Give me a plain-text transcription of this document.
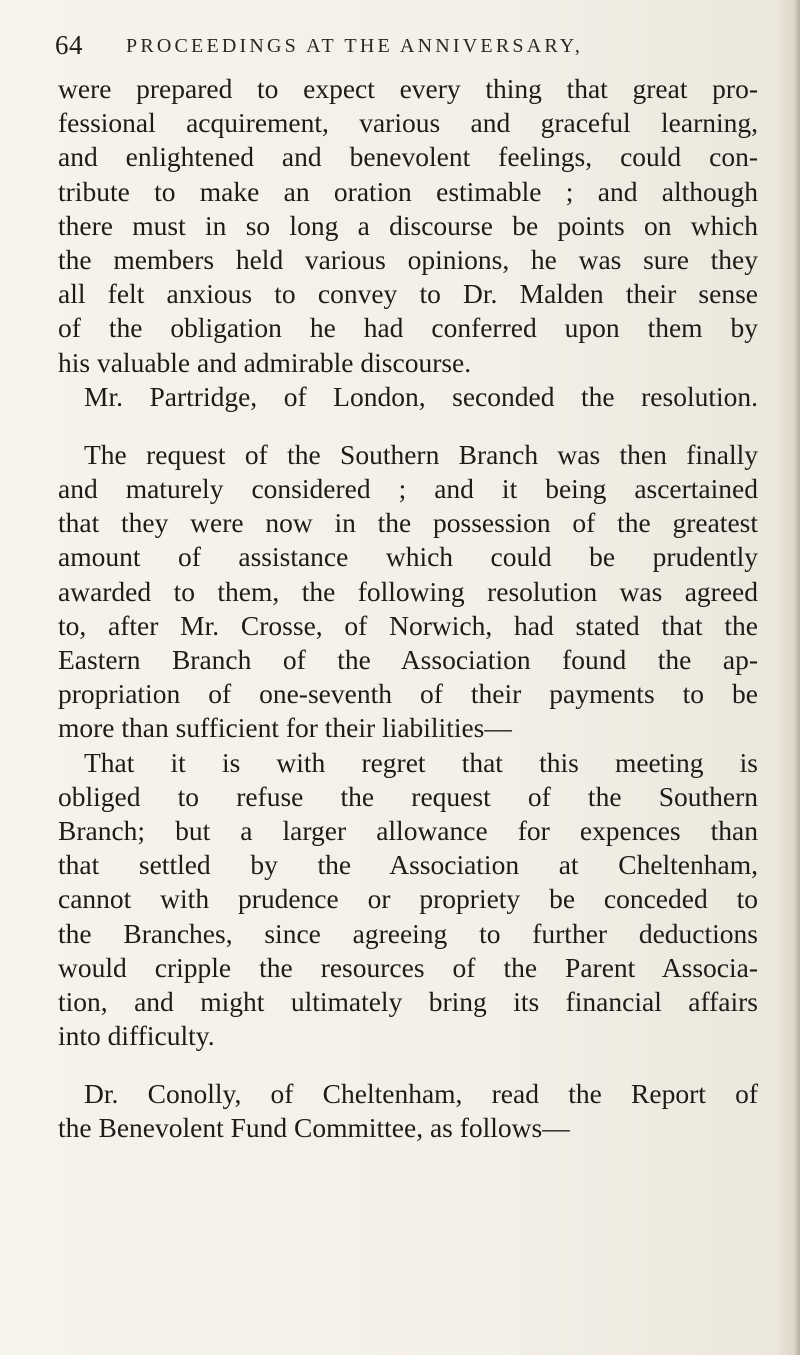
64 PROCEEDINGS AT THE ANNIVERSARY,
were prepared to expect every thing that great pro-
fessional acquirement, various and graceful learning,
and enlightened and benevolent feelings, could con-
tribute to make an oration estimable ; and although
there must in so long a discourse be points on which
the members held various opinions, he was sure they
all felt anxious to convey to Dr. Malden their sense
of the obligation he had conferred upon them by
his valuable and admirable discourse.
Mr. Partridge, of London, seconded the resolution.
The request of the Southern Branch was then finally
and maturely considered ; and it being ascertained
that they were now in the possession of the greatest
amount of assistance which could be prudently
awarded to them, the following resolution was agreed
to, after Mr. Crosse, of Norwich, had stated that the
Eastern Branch of the Association found the ap-
propriation of one-seventh of their payments to be
more than sufficient for their liabilities—
That it is with regret that this meeting is
obliged to refuse the request of the Southern
Branch; but a larger allowance for expences than
that settled by the Association at Cheltenham,
cannot with prudence or propriety be conceded to
the Branches, since agreeing to further deductions
would cripple the resources of the Parent Associa-
tion, and might ultimately bring its financial affairs
into difficulty.
Dr. Conolly, of Cheltenham, read the Report of
the Benevolent Fund Committee, as follows—
